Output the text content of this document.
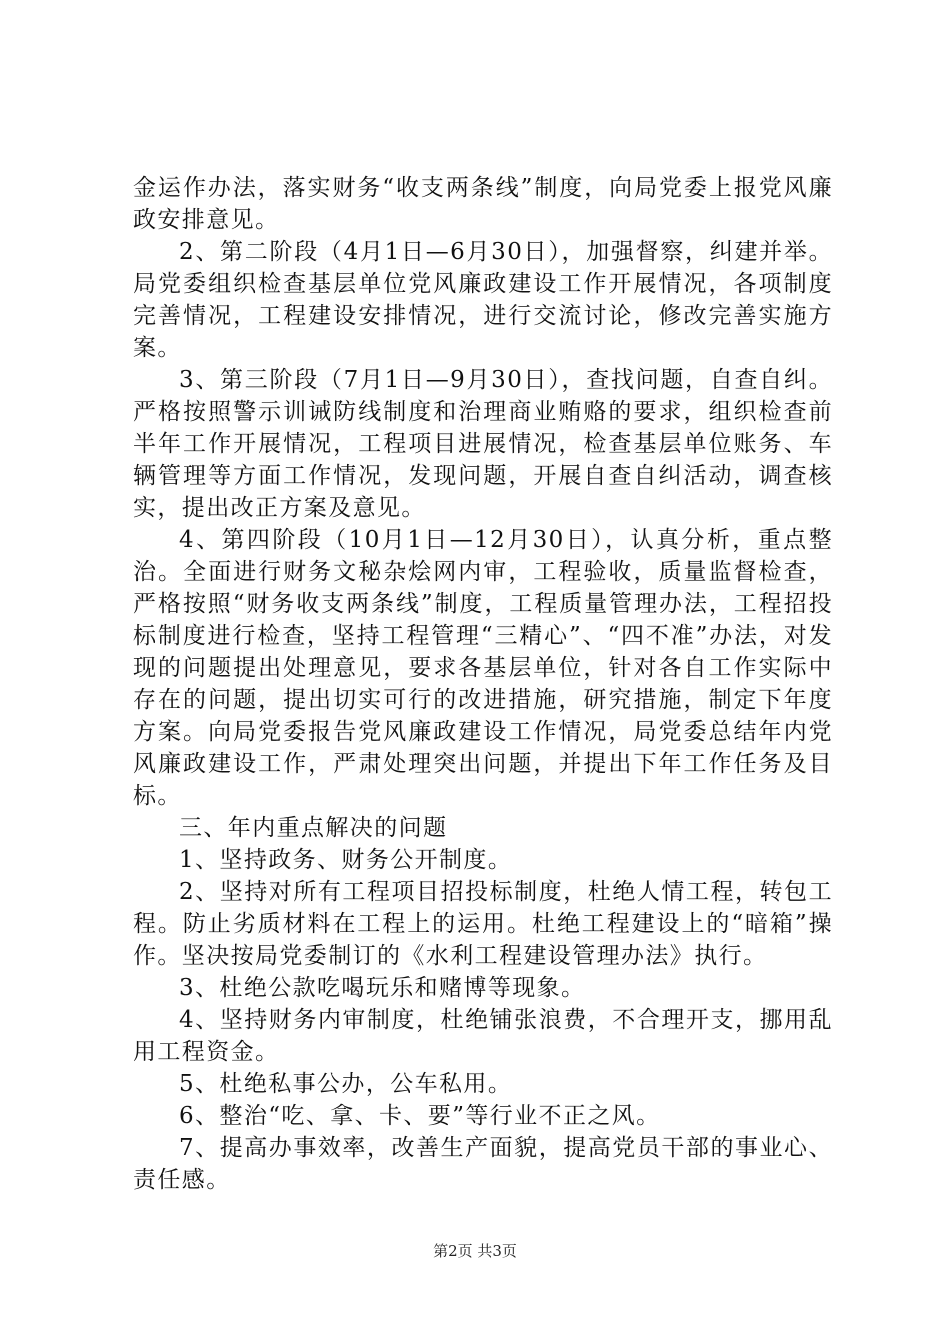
金运作办法，落实财务“收支两条线”制度，向局党委上报党风廉政安排意见。

2、第二阶段（4月1日—6月30日），加强督察，纠建并举。局党委组织检查基层单位党风廉政建设工作开展情况，各项制度完善情况，工程建设安排情况，进行交流讨论，修改完善实施方案。

3、第三阶段（7月1日—9月30日），查找问题，自查自纠。严格按照警示训诫防线制度和治理商业贿赂的要求，组织检查前半年工作开展情况，工程项目进展情况，检查基层单位账务、车辆管理等方面工作情况，发现问题，开展自查自纠活动，调查核实，提出改正方案及意见。

4、第四阶段（10月1日—12月30日），认真分析，重点整治。全面进行财务文秘杂烩网内审，工程验收，质量监督检查，严格按照“财务收支两条线”制度，工程质量管理办法，工程招投标制度进行检查，坚持工程管理“三精心”、“四不准”办法，对发现的问题提出处理意见，要求各基层单位，针对各自工作实际中存在的问题，提出切实可行的改进措施，研究措施，制定下年度方案。向局党委报告党风廉政建设工作情况，局党委总结年内党风廉政建设工作，严肃处理突出问题，并提出下年工作任务及目标。

三、年内重点解决的问题

1、坚持政务、财务公开制度。

2、坚持对所有工程项目招投标制度，杜绝人情工程，转包工程。防止劣质材料在工程上的运用。杜绝工程建设上的“暗箱”操作。坚决按局党委制订的《水利工程建设管理办法》执行。

3、杜绝公款吃喝玩乐和赌博等现象。

4、坚持财务内审制度，杜绝铺张浪费，不合理开支，挪用乱用工程资金。

5、杜绝私事公办，公车私用。

6、整治“吃、拿、卡、要”等行业不正之风。

7、提高办事效率，改善生产面貌，提高党员干部的事业心、责任感。

第2页 共3页
